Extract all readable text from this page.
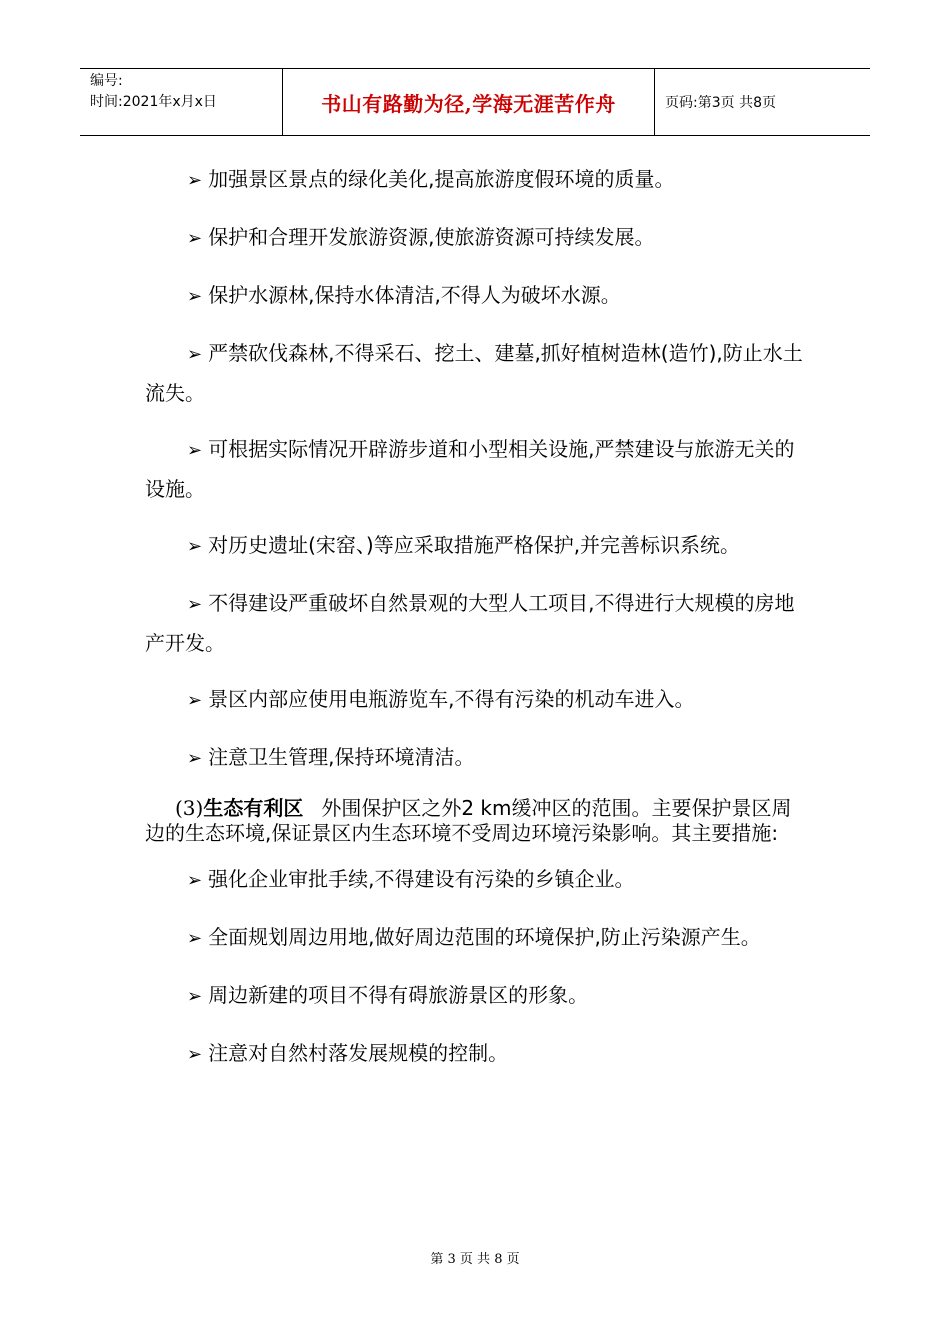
编号:
时间:2021年x月x日	书山有路勤为径,学海无涯苦作舟	页码:第3页 共8页

➢ 加强景区景点的绿化美化,提高旅游度假环境的质量。

➢ 保护和合理开发旅游资源,使旅游资源可持续发展。

➢ 保护水源林,保持水体清洁,不得人为破坏水源。

➢ 严禁砍伐森林,不得采石、挖土、建墓,抓好植树造林(造竹),防止水土流失。

➢ 可根据实际情况开辟游步道和小型相关设施,严禁建设与旅游无关的设施。

➢ 对历史遗址(宋窑、)等应采取措施严格保护,并完善标识系统。

➢ 不得建设严重破坏自然景观的大型人工项目,不得进行大规模的房地产开发。

➢ 景区内部应使用电瓶游览车,不得有污染的机动车进入。

➢ 注意卫生管理,保持环境清洁。

(3)生态有利区 外围保护区之外2 km缓冲区的范围。主要保护景区周边的生态环境,保证景区内生态环境不受周边环境污染影响。其主要措施:

➢ 强化企业审批手续,不得建设有污染的乡镇企业。

➢ 全面规划周边用地,做好周边范围的环境保护,防止污染源产生。

➢ 周边新建的项目不得有碍旅游景区的形象。

➢ 注意对自然村落发展规模的控制。

第 3 页 共 8 页
